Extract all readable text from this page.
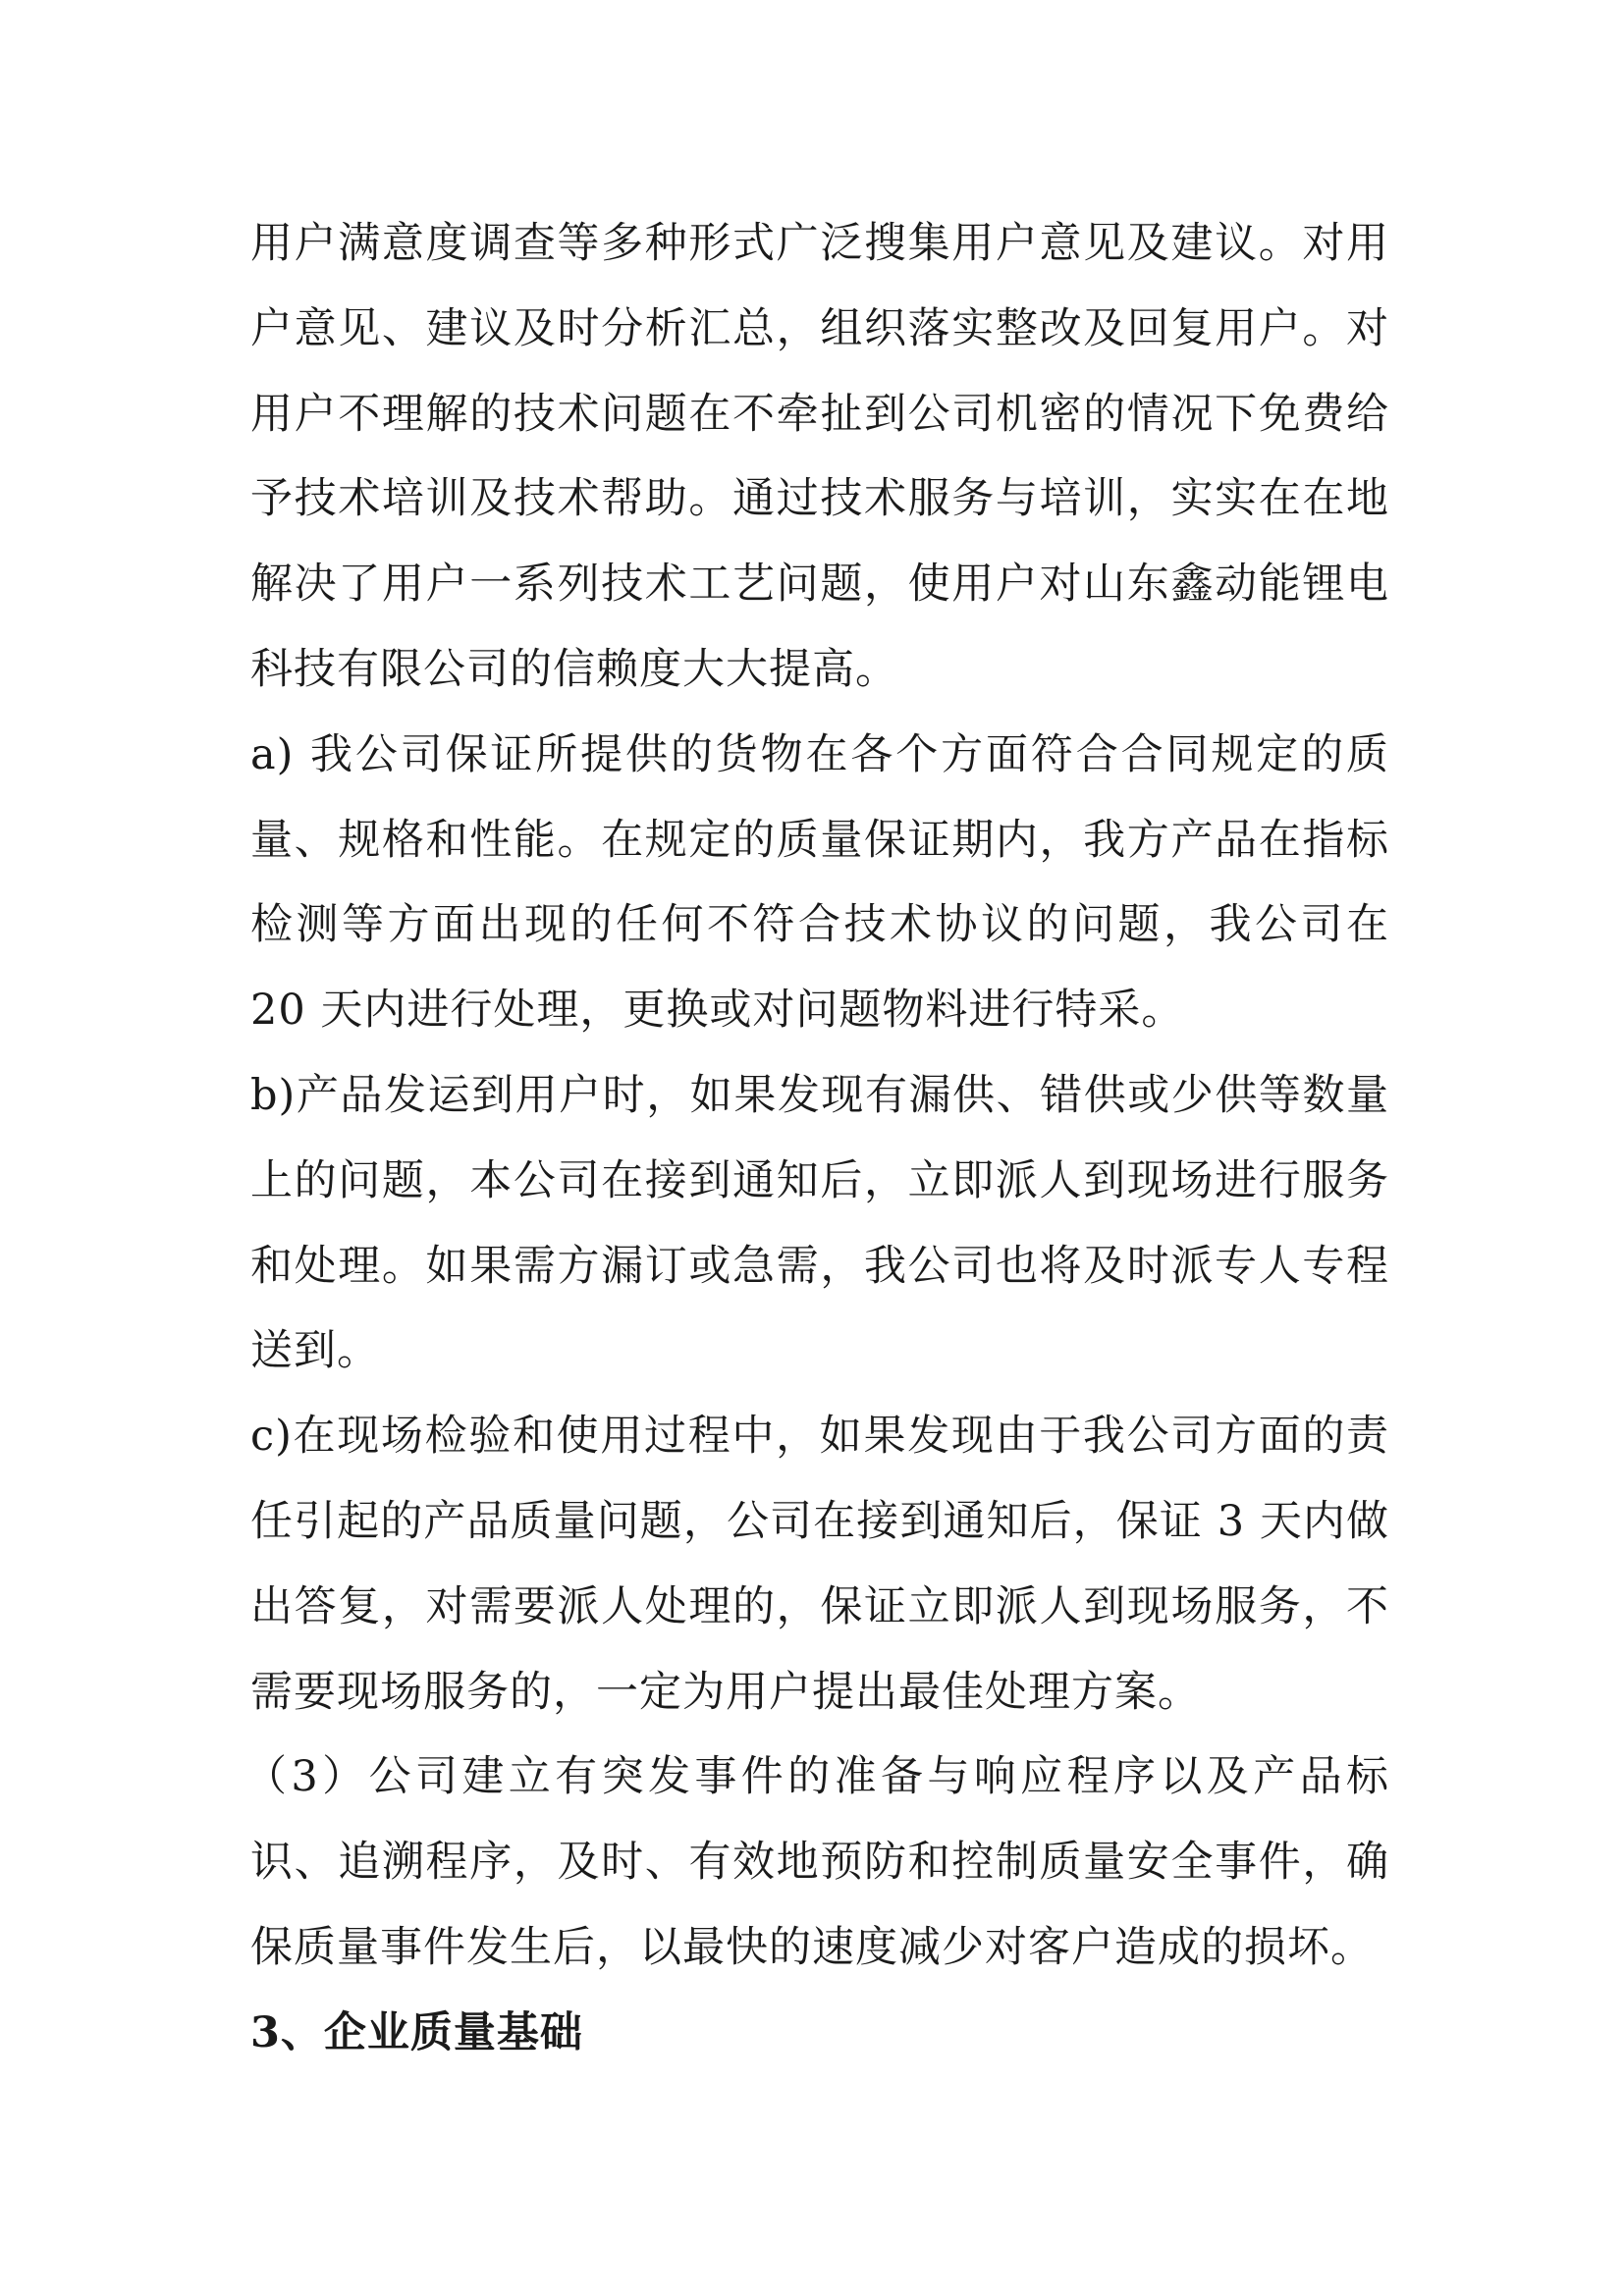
用户满意度调查等多种形式广泛搜集用户意见及建议。对用户意见、建议及时分析汇总，组织落实整改及回复用户。对用户不理解的技术问题在不牵扯到公司机密的情况下免费给予技术培训及技术帮助。通过技术服务与培训，实实在在地解决了用户一系列技术工艺问题，使用户对山东鑫动能锂电科技有限公司的信赖度大大提高。

a) 我公司保证所提供的货物在各个方面符合合同规定的质量、规格和性能。在规定的质量保证期内，我方产品在指标检测等方面出现的任何不符合技术协议的问题，我公司在 20 天内进行处理，更换或对问题物料进行特采。

b)产品发运到用户时，如果发现有漏供、错供或少供等数量上的问题，本公司在接到通知后，立即派人到现场进行服务和处理。如果需方漏订或急需，我公司也将及时派专人专程送到。

c)在现场检验和使用过程中，如果发现由于我公司方面的责任引起的产品质量问题，公司在接到通知后，保证 3 天内做出答复，对需要派人处理的，保证立即派人到现场服务，不需要现场服务的，一定为用户提出最佳处理方案。

（3）公司建立有突发事件的准备与响应程序以及产品标识、追溯程序，及时、有效地预防和控制质量安全事件，确保质量事件发生后，以最快的速度减少对客户造成的损坏。

3、企业质量基础
